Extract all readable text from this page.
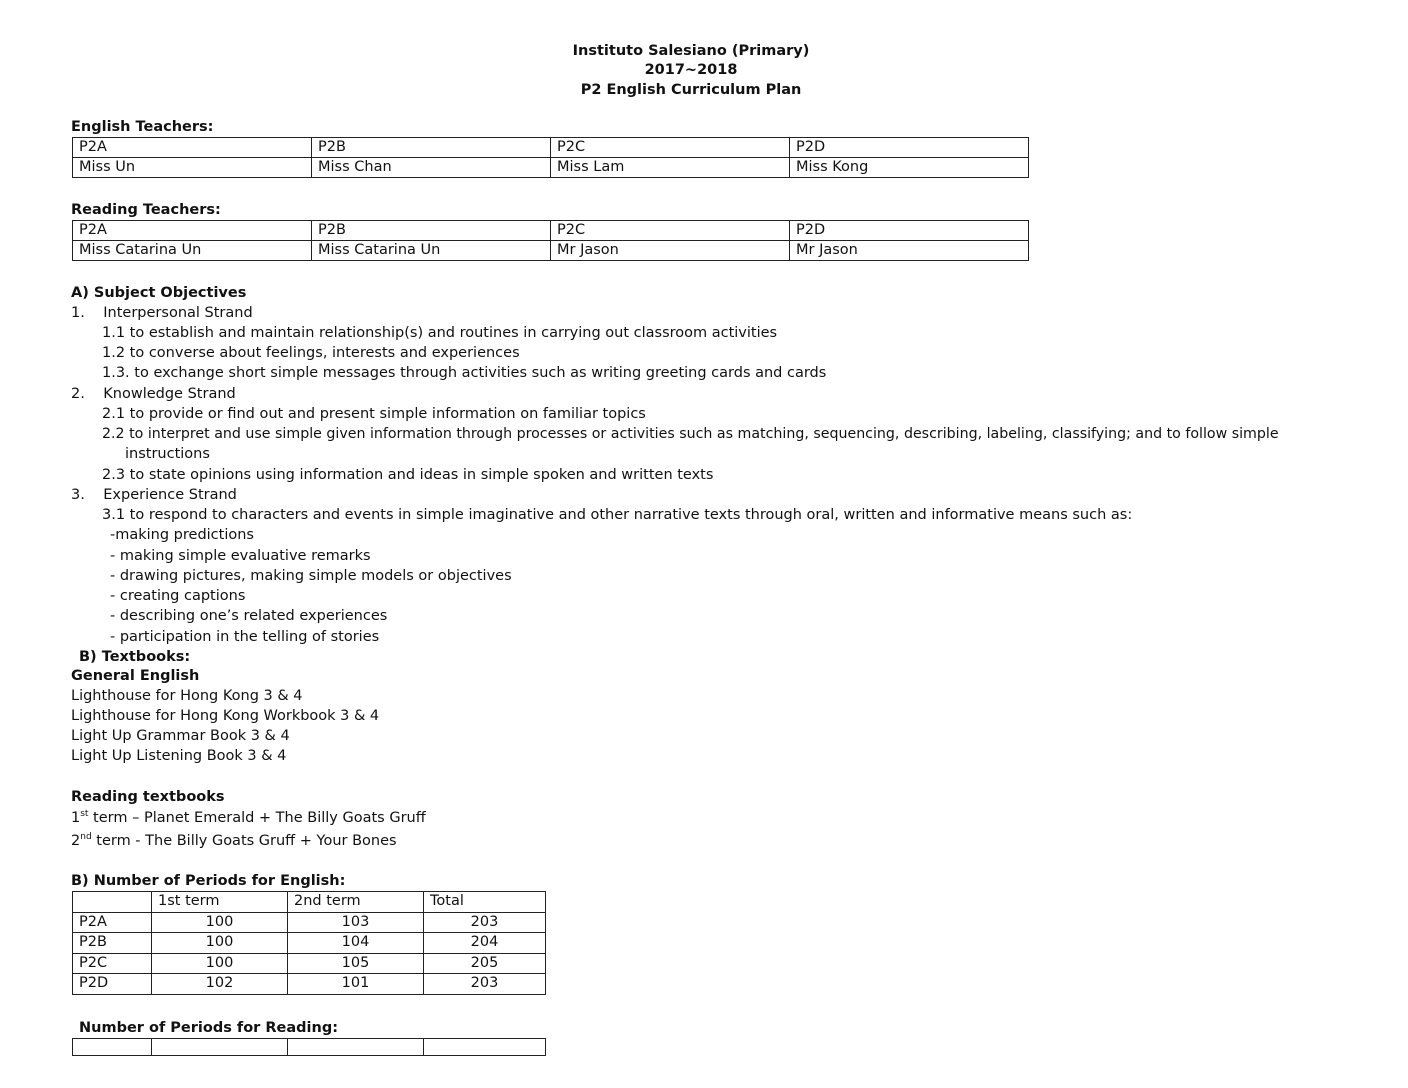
Instituto Salesiano (Primary)
2017~2018
P2 English Curriculum Plan
English Teachers:
P2A	P2B	P2C	P2D
Miss Un	Miss Chan	Miss Lam	Miss Kong
Reading Teachers:
P2A	P2B	P2C	P2D
Miss Catarina Un	Miss Catarina Un	Mr Jason	Mr Jason
A) Subject Objectives
1.    Interpersonal Strand
1.1 to establish and maintain relationship(s) and routines in carrying out classroom activities
1.2 to converse about feelings, interests and experiences
1.3. to exchange short simple messages through activities such as writing greeting cards and cards
2.    Knowledge Strand
2.1 to provide or find out and present simple information on familiar topics
2.2 to interpret and use simple given information through processes or activities such as matching, sequencing, describing, labeling, classifying; and to follow simple
instructions
2.3 to state opinions using information and ideas in simple spoken and written texts
3.    Experience Strand
3.1 to respond to characters and events in simple imaginative and other narrative texts through oral, written and informative means such as:
-making predictions
- making simple evaluative remarks
- drawing pictures, making simple models or objectives
- creating captions
- describing one’s related experiences
- participation in the telling of stories
B) Textbooks:
General English
Lighthouse for Hong Kong 3 & 4
Lighthouse for Hong Kong Workbook 3 & 4
Light Up Grammar Book 3 & 4
Light Up Listening Book 3 & 4
Reading textbooks
1st term – Planet Emerald + The Billy Goats Gruff
2nd term - The Billy Goats Gruff + Your Bones
B) Number of Periods for English:
	1st term	2nd term	Total
P2A	100	103	203
P2B	100	104	204
P2C	100	105	205
P2D	102	101	203
Number of Periods for Reading:
